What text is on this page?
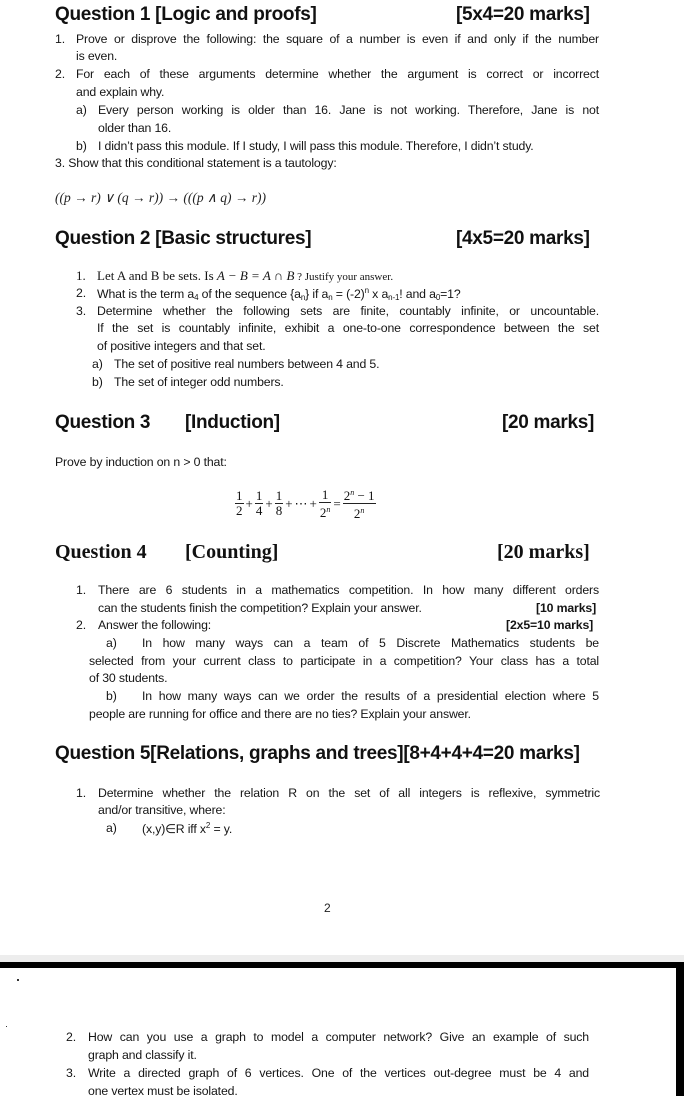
Question 1 [Logic and proofs]	[5x4=20 marks]
1. Prove or disprove the following: the square of a number is even if and only if the number
is even.
2. For each of these arguments determine whether the argument is correct or incorrect
and explain why.
a) Every person working is older than 16. Jane is not working. Therefore, Jane is not
older than 16.
b) I didn’t pass this module. If I study, I will pass this module. Therefore, I didn’t study.
3. Show that this conditional statement is a tautology:
((p → r) ∨ (q → r)) → (((p ∧ q) → r))
Question 2 [Basic structures]	[4x5=20 marks]
1. Let A and B be sets. Is A − B = A ∩ B ? Justify your answer.
2. What is the term $a_4$ of the sequence $\{a_n\}$ if $a_n = (-2)^n$ x $a_{n-1}$! and $a_0=1$?
3. Determine whether the following sets are finite, countably infinite, or uncountable.
If the set is countably infinite, exhibit a one-to-one correspondence between the set
of positive integers and that set.
a) The set of positive real numbers between 4 and 5.
b) The set of integer odd numbers.
Question 3 [Induction]	[20 marks]
Prove by induction on n > 0 that:
$\frac{1}{2} + \frac{1}{4} + \frac{1}{8}$ + ⋯ + $\frac{1}{2^n} = \frac{2^n - 1}{2^n}$
Question 4 [Counting]	[20 marks]
1. There are 6 students in a mathematics competition. In how many different orders
can the students finish the competition? Explain your answer.	[10 marks]
2. Answer the following:	[2x5=10 marks]
a) In how many ways can a team of 5 Discrete Mathematics students be
selected from your current class to participate in a competition? Your class has a total
of 30 students.
b) In how many ways can we order the results of a presidential election where 5
people are running for office and there are no ties? Explain your answer.
Question 5[Relations, graphs and trees][8+4+4+4=20 marks]
1. Determine whether the relation R on the set of all integers is reflexive, symmetric
and/or transitive, where:
a) (x,y)∈R iff $x^2 = y$.
2
2. How can you use a graph to model a computer network? Give an example of such
graph and classify it.
3. Write a directed graph of 6 vertices. One of the vertices out-degree must be 4 and
one vertex must be isolated.
